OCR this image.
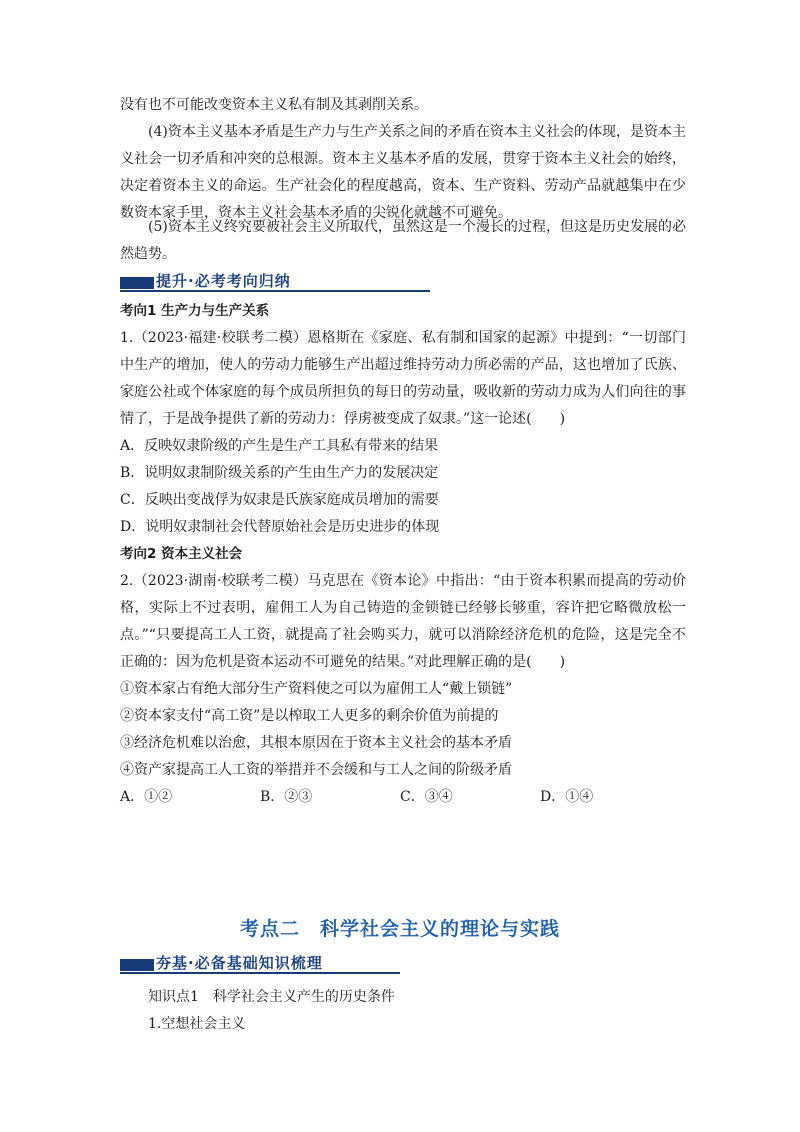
没有也不可能改变资本主义私有制及其剥削关系。

(4)资本主义基本矛盾是生产力与生产关系之间的矛盾在资本主义社会的体现，是资本主义社会一切矛盾和冲突的总根源。资本主义基本矛盾的发展，贯穿于资本主义社会的始终，决定着资本主义的命运。生产社会化的程度越高，资本、生产资料、劳动产品就越集中在少数资本家手里，资本主义社会基本矛盾的尖锐化就越不可避免。

(5)资本主义终究要被社会主义所取代，虽然这是一个漫长的过程，但这是历史发展的必然趋势。

提升·必考考向归纳

考向1 生产力与生产关系

1.（2023·福建·校联考二模）恩格斯在《家庭、私有制和国家的起源》中提到：“一切部门中生产的增加，使人的劳动力能够生产出超过维持劳动力所必需的产品，这也增加了氏族、家庭公社或个体家庭的每个成员所担负的每日的劳动量，吸收新的劳动力成为人们向往的事情了，于是战争提供了新的劳动力：俘虏被变成了奴隶。”这一论述(　　)

A．反映奴隶阶级的产生是生产工具私有带来的结果

B．说明奴隶制阶级关系的产生由生产力的发展决定

C．反映出变战俘为奴隶是氏族家庭成员增加的需要

D．说明奴隶制社会代替原始社会是历史进步的体现

考向2 资本主义社会

2.（2023·湖南·校联考二模）马克思在《资本论》中指出：“由于资本积累而提高的劳动价格，实际上不过表明，雇佣工人为自己铸造的金锁链已经够长够重，容许把它略微放松一点。”“只要提高工人工资，就提高了社会购买力，就可以消除经济危机的危险，这是完全不正确的：因为危机是资本运动不可避免的结果。”对此理解正确的是(　　)

①资本家占有绝大部分生产资料使之可以为雇佣工人“戴上锁链”

②资本家支付“高工资”是以榨取工人更多的剩余价值为前提的

③经济危机难以治愈，其根本原因在于资本主义社会的基本矛盾

④资产家提高工人工资的举措并不会缓和与工人之间的阶级矛盾

A．①②	B．②③	C．③④	D．①④
考点二　科学社会主义的理论与实践
夯基·必备基础知识梳理

知识点1　科学社会主义产生的历史条件

1.空想社会主义
